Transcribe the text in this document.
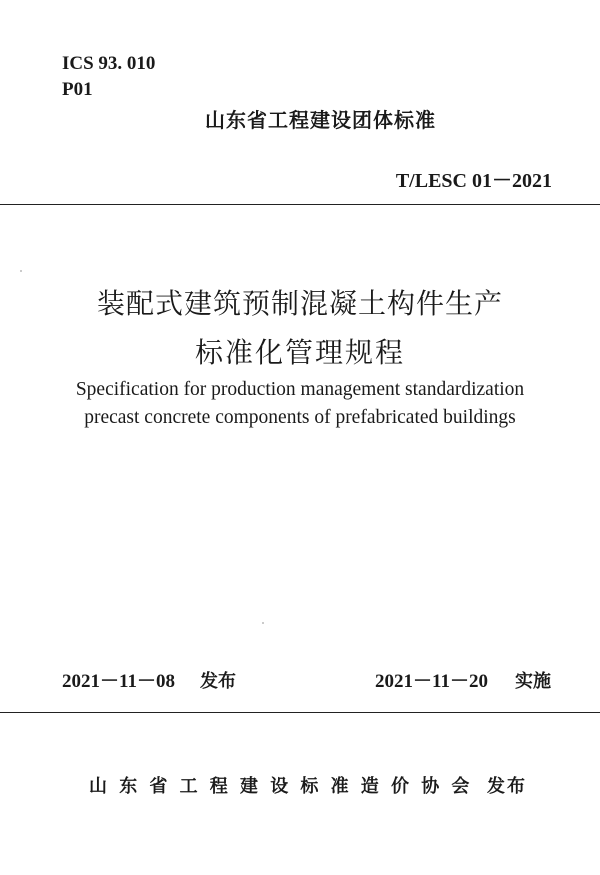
ICS 93. 010
P01
山东省工程建设团体标准
T/LESC 01－2021
装配式建筑预制混凝土构件生产
标准化管理规程
Specification for production management standardization
precast concrete components of prefabricated buildings
2021－11－08 发布	2021－11－20 实施
山东省工程建设标准造价协会 发布
